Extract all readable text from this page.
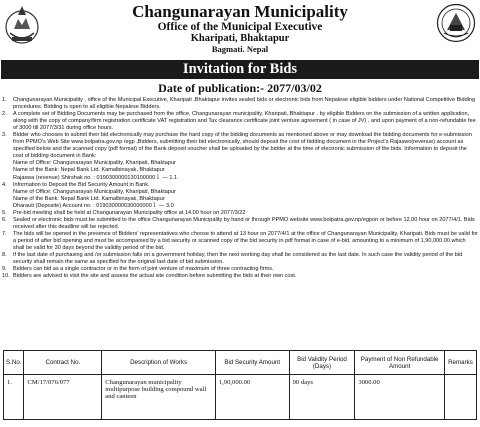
Changunarayan Municipality
Office of the Municipal Executive
Kharipati, Bhaktapur
Bagmati. Nepal
Invitation for Bids
Date of publication:- 2077/03/02
1.	Changunarayan Municipality , office of the Municipal Executive, Kharipati ,Bhaktapur invites sealed bids or electronic bids from Nepalese eligible bidders under National Competitive Bidding procedures. Bidding is open to all eligible Nepalese Bidders.
2.	A complete set of Bidding Documents may be purchased from the office, Changunarayan municipality, Kharipati, Bhaktapur . by eligible Bidders on the submission of a written application, along with the copy of company/firm registration certificate VAT registration and Tax clearance certificate joint venture agreement ( in case of JV) , and upon payment of a non-refundable fee of 3000 till 2077/3/31 during office hours.
3.	Bidder who chooses to submit their bid electronically may purchase the hard copy of the bidding documents as mentioned above or may download the bidding documents for e-submission from PPMO's Web Site www.bolpatra.gov.np /egp ,Bidders, submitting their bid electronically, should deposit the cost of bidding document in the Project's Rajaswo(revenue) account as specified below and the scanned copy (pdf format) of the Bank deposit voucher shall be uploaded by the bidder at the time of electronic submission of the bids. Information to deposit the cost of bidding document in Bank:
Name of Office: Changunarayan Municipality, Kharipati, Bhaktapur
Name of the Bank: Nepal Bank Ltd. Kamalbinayak, Bhaktapur
Rajaswa (revenue) Shirshak no. : 0190300000130100000１ ― 1.1
4.	Information to Deposit the Bid Security Amount in Bank.
Name of Office: Changunarayan Municipality, Kharipati, Bhaktapur
Name of the Bank: Nepal Bank Ltd. Kamalbinayak, Bhaktapur
Dharauti (Deposite) Account no. : 019030000030000000１ ― 3.0
5.	Pre-bid meeting shall be held at Changunarayan Municipality office at 14.00 hour on 2077/3/22
6.	Sealed or electronic bids must be submitted to the office Changunarayan Municipality by hand or through PPMO website www.bolpatra.gov.np/egpon or before 12.00 hour on 2077/4/1. Bids received after this deadline will be rejected.
7.	The bids will be opened in the presence of Bidders' representatives who choose to attend at 13 hour on 2077/4/1 at the office of Changunarayan Municipality, Kharipati. Bids must be valid for a period of after bid opening and must be accompanied by a bid security or scanned copy of the bid security in pdf format in case of e-bid, amounting to a minimum of 1,90,000.00 which shall be valid for 30 days beyond the validity period of the bid.
8.	If the last date of purchasing and /or submission falls on a government holiday, then the next working day shall be considered as the last date. In such case the validity period of the bid security shall remain the same as specified for the original last date of bid submission.
9.	Bidders can bid as a single contractor or in the form of joint venture of maximum of three contracting firms.
10. Bidders are advised to visit the site and assess the actual site condition before submitting the bids at their own cost.
S.No.	Contract No.	Description of Works	Bid Security Amount	Bid Validity Period (Days)	Payment of Non Refundable Amount	Remarks
1.	CM/17/076/077	Changunarayan municipality multipurpose building compound wall and canteen	1,90,000.00	90 days	3000.00	
